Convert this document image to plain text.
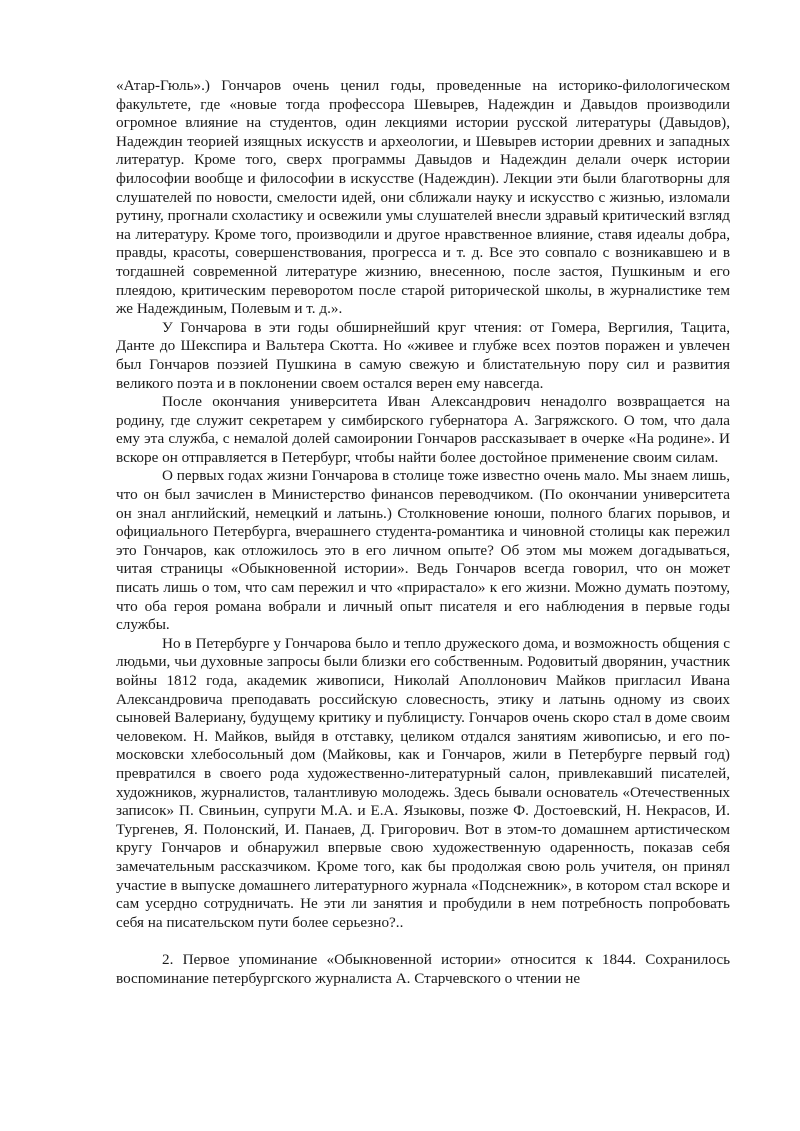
«Атар-Гюль».) Гончаров очень ценил годы, проведенные на историко-филологическом факультете, где «новые тогда профессора Шевырев, Надеждин и Давыдов производили огромное влияние на студентов, один лекциями истории русской литературы (Давыдов), Надеждин теорией изящных искусств и археологии, и Шевырев истории древних и западных литератур. Кроме того, сверх программы Давыдов и Надеждин делали очерк истории философии вообще и философии в искусстве (Надеждин). Лекции эти были благотворны для слушателей по новости, смелости идей, они сближали науку и искусство с жизнью, изломали рутину, прогнали схоластику и освежили умы слушателей внесли здравый критический взгляд на литературу. Кроме того, производили и другое нравственное влияние, ставя идеалы добра, правды, красоты, совершенствования, прогресса и т. д. Все это совпало с возникавшею и в тогдашней современной литературе жизнию, внесенною, после застоя, Пушкиным и его плеядою, критическим переворотом после старой риторической школы, в журналистике тем же Надеждиным, Полевым и т. д.».

У Гончарова в эти годы обширнейший круг чтения: от Гомера, Вергилия, Тацита, Данте до Шекспира и Вальтера Скотта. Но «живее и глубже всех поэтов поражен и увлечен был Гончаров поэзией Пушкина в самую свежую и блистательную пору сил и развития великого поэта и в поклонении своем остался верен ему навсегда.

После окончания университета Иван Александрович ненадолго возвращается на родину, где служит секретарем у симбирского губернатора А. Загряжского. О том, что дала ему эта служба, с немалой долей самоиронии Гончаров рассказывает в очерке «На родине». И вскоре он отправляется в Петербург, чтобы найти более достойное применение своим силам.

О первых годах жизни Гончарова в столице тоже известно очень мало. Мы знаем лишь, что он был зачислен в Министерство финансов переводчиком. (По окончании университета он знал английский, немецкий и латынь.) Столкновение юноши, полного благих порывов, и официального Петербурга, вчерашнего студента-романтика и чиновной столицы как пережил это Гончаров, как отложилось это в его личном опыте? Об этом мы можем догадываться, читая страницы «Обыкновенной истории». Ведь Гончаров всегда говорил, что он может писать лишь о том, что сам пережил и что «прирастало» к его жизни. Можно думать поэтому, что оба героя романа вобрали и личный опыт писателя и его наблюдения в первые годы службы.

Но в Петербурге у Гончарова было и тепло дружеского дома, и возможность общения с людьми, чьи духовные запросы были близки его собственным. Родовитый дворянин, участник войны 1812 года, академик живописи, Николай Аполлонович Майков пригласил Ивана Александровича преподавать российскую словесность, этику и латынь одному из своих сыновей Валериану, будущему критику и публицисту. Гончаров очень скоро стал в доме своим человеком. Н. Майков, выйдя в отставку, целиком отдался занятиям живописью, и его по-московски хлебосольный дом (Майковы, как и Гончаров, жили в Петербурге первый год) превратился в своего рода художественно-литературный салон, привлекавший писателей, художников, журналистов, талантливую молодежь. Здесь бывали основатель «Отечественных записок» П. Свиньин, супруги М.А. и Е.А. Языковы, позже Ф. Достоевский, Н. Некрасов, И. Тургенев, Я. Полонский, И. Панаев, Д. Григорович. Вот в этом-то домашнем артистическом кругу Гончаров и обнаружил впервые свою художественную одаренность, показав себя замечательным рассказчиком. Кроме того, как бы продолжая свою роль учителя, он принял участие в выпуске домашнего литературного журнала «Подснежник», в котором стал вскоре и сам усердно сотрудничать. Не эти ли занятия и пробудили в нем потребность попробовать себя на писательском пути более серьезно?..

2. Первое упоминание «Обыкновенной истории» относится к 1844. Сохранилось воспоминание петербургского журналиста А. Старчевского о чтении не
